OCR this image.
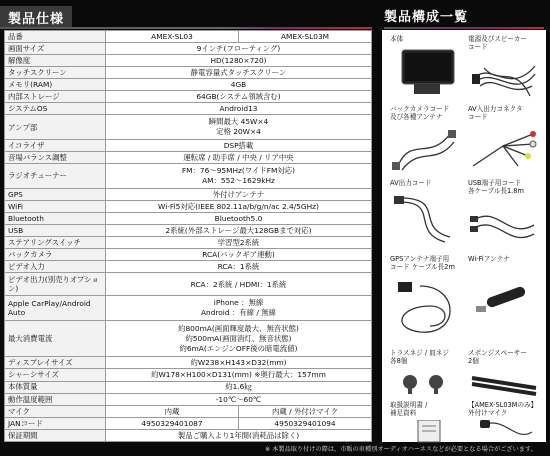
製品仕様	製品構成一覧
品番	AMEX-SL03	AMEX-SL03M
画面サイズ	9インチ(フローティング)	
解像度	HD(1280×720)	
タッチスクリーン	静電容量式タッチスクリーン	
メモリ(RAM)	4GB	
内部ストレージ	64GB(システム領域含む)	
システムOS	Android13	
アンプ部	瞬間最大 45W×4
定格 20W×4	

イコライザ	DSP搭載	
音場バランス調整	運転席 / 助手席 / 中央 / リア中央	
ラジオチューナー	FM：76～95MHz(ワイドFM対応)
AM：552～1629kHz	

GPS	外付けアンテナ	
WiFi	Wi-Fi5対応(IEEE 802.11a/b/g/n/ac 2.4/5GHz)	
Bluetooth	Bluetooth5.0	
USB	2系統(外部ストレージ最大128GBまで対応)	
ステアリングスイッチ	学習型2系統	
バックカメラ	RCA(バックギア連動)	
ビデオ入力	RCA：1系統	
ビデオ出力(別売りオプション)	RCA：2系統 / HDMI：1系統	
Apple CarPlay/Android Auto	iPhone ：無線
Android ：有線 / 無線	

最大消費電流	約800mA(画面輝度最大、無音状態)
約500mA(画面消灯、無音状態)
約6mA(エンジンOFF後の暗電流値)	

ディスプレイサイズ	約W238×H143×D32(mm)	
シャーシサイズ	約W178×H100×D131(mm) ※奥行最大：157mm	
本体質量	約1.6㎏	
動作温度範囲	-10℃～60℃	
マイク	内蔵	内蔵 / 外付けマイク
JANコード	4950329401087	4950329401094
保証期間	製品ご購入より1年間(消耗品は除く)	
本体	電源及びスピーカー
コード
バックカメラコード
及び各種アンテナ
AV入出力コネクタ
コード
AV出力コード	USB端子用コード
各ケーブル長1.8m
GPSアンテナ端子用
コード ケーブル長2m
Wi-Fiアンテナ
トラスネジ / 皿ネジ
各8個
スポンジスペーサー
2個
取扱説明書 /
補足資料
【AMEX-SL03Mのみ】
外付けマイク
※ 本製品取り付けの際は、市販の車種別オーディオハーネスなどが必要となる場合がございます。
